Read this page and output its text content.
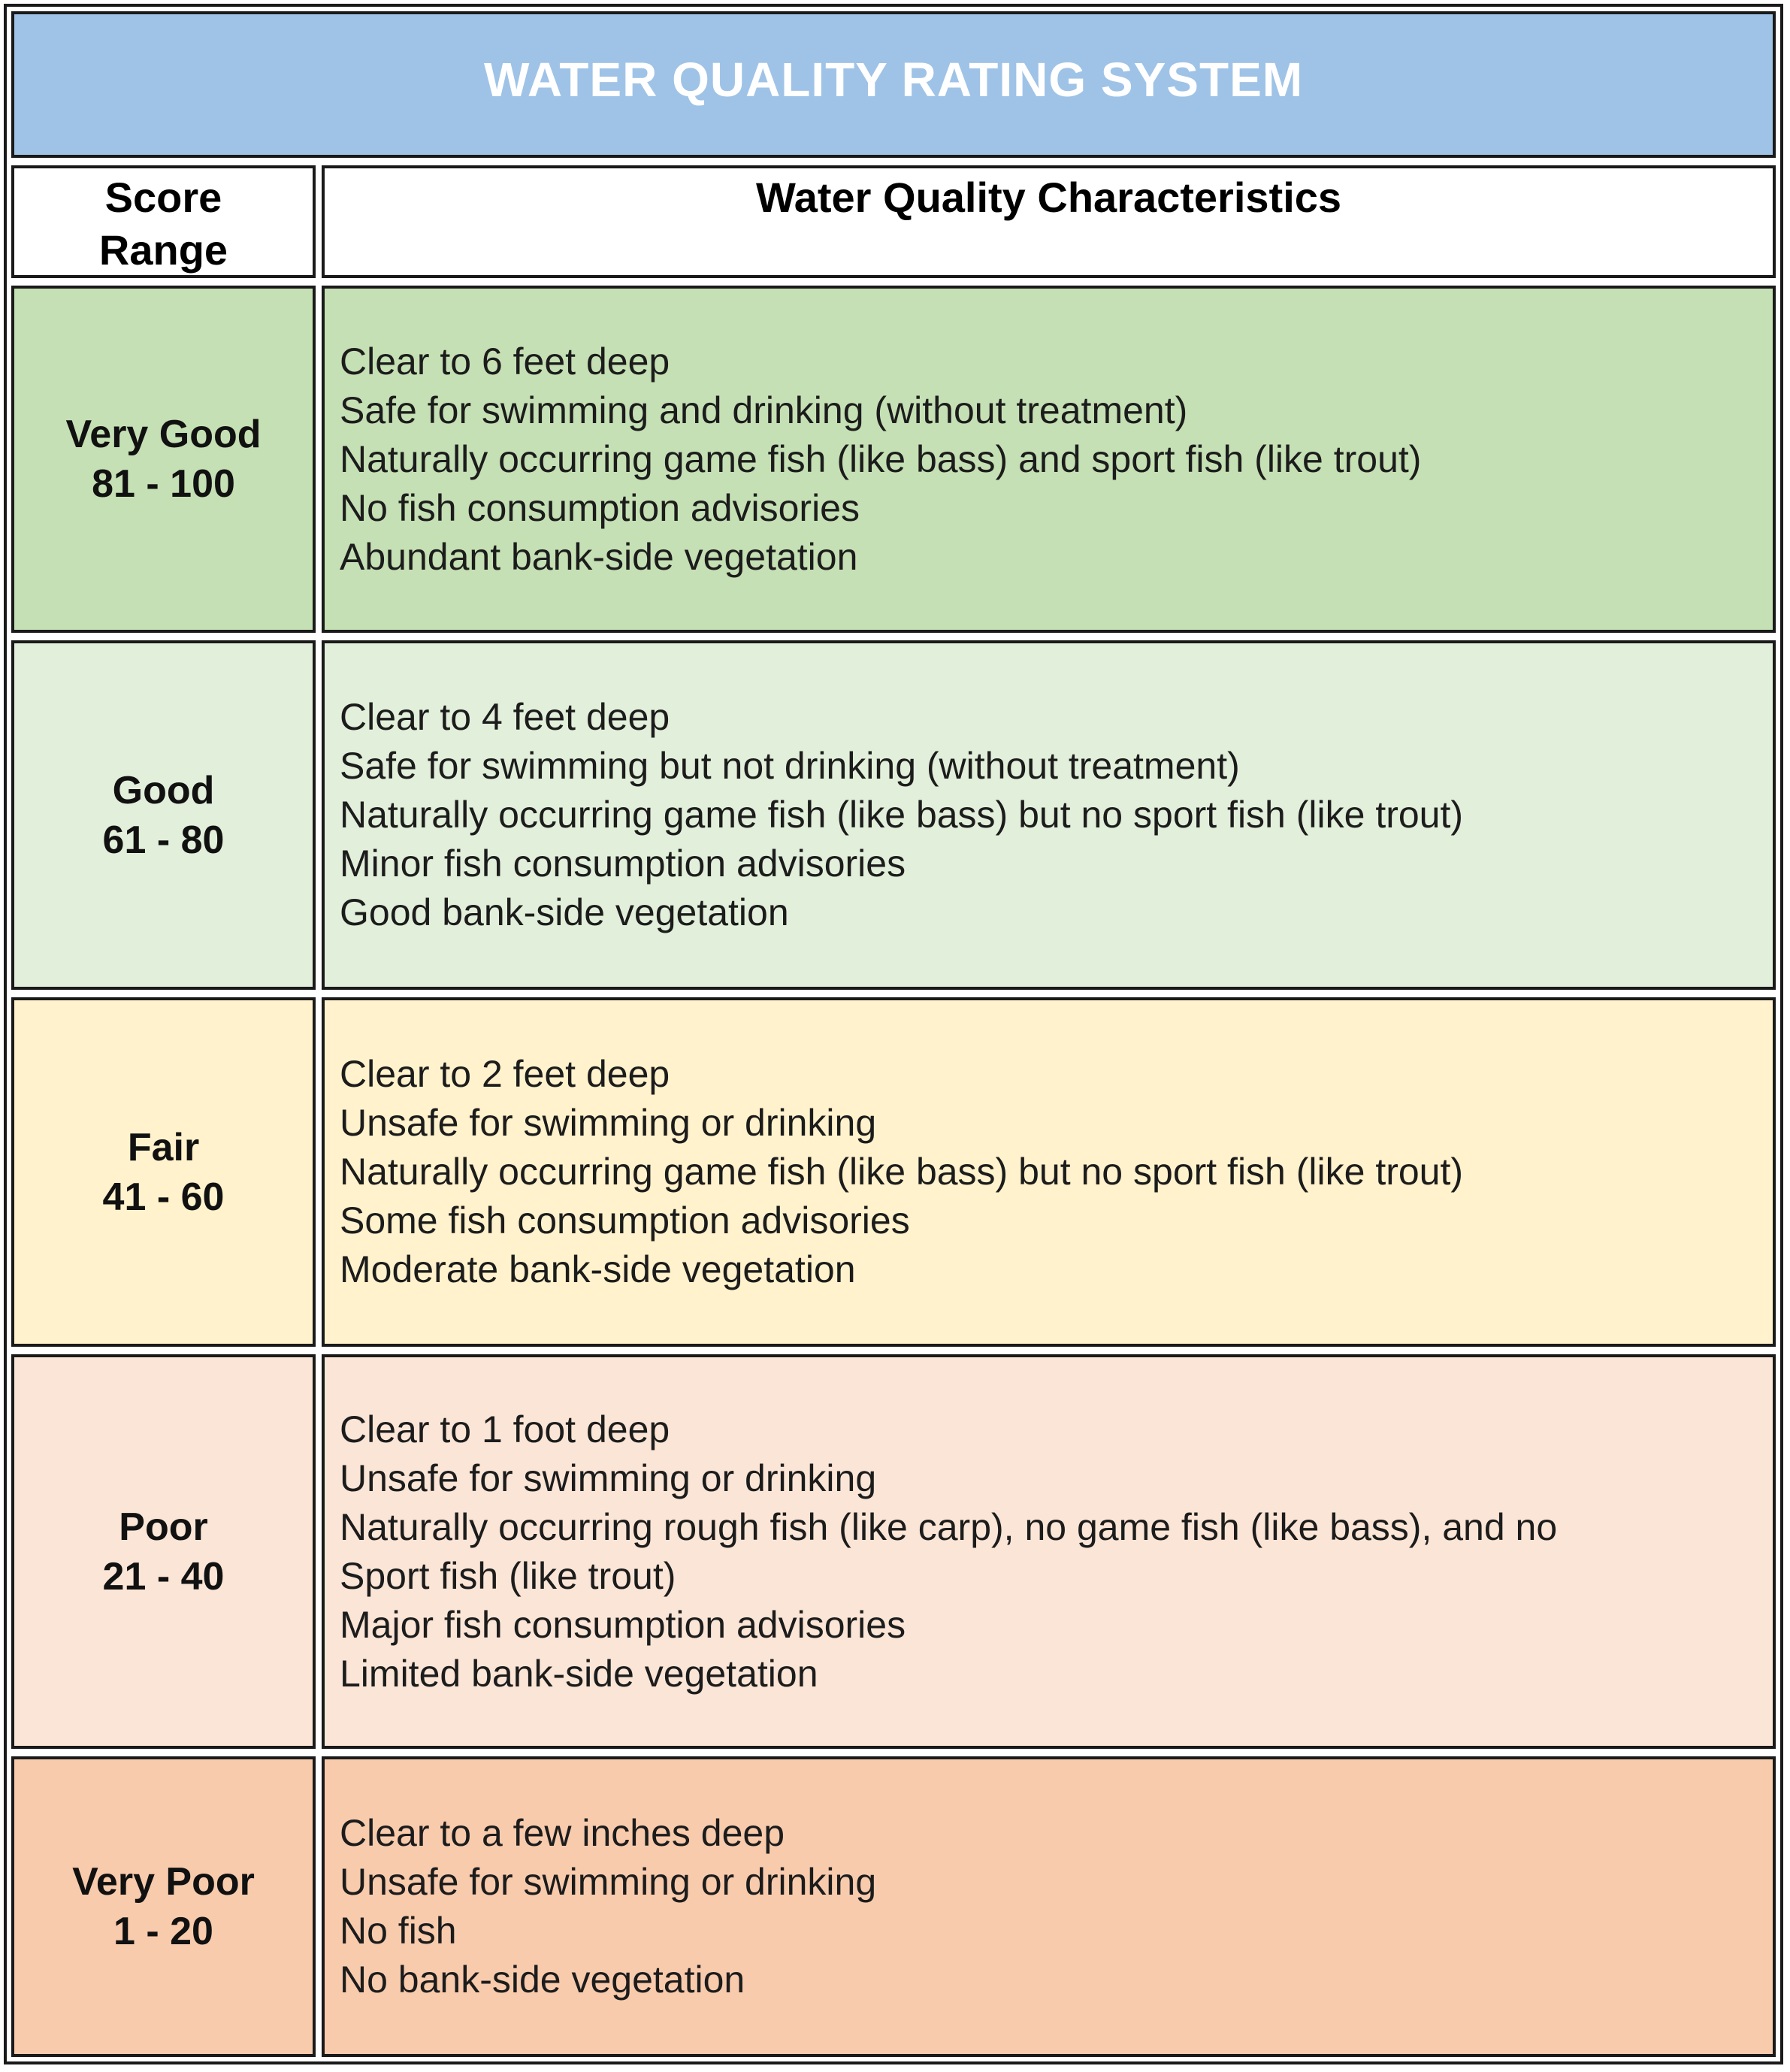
WATER QUALITY RATING SYSTEM
Score
Range
Water Quality Characteristics
Very Good
81 - 100
Clear to 6 feet deep
Safe for swimming and drinking (without treatment)
Naturally occurring game fish (like bass) and sport fish (like trout)
No fish consumption advisories
Abundant bank-side vegetation
Good
61 - 80
Clear to 4 feet deep
Safe for swimming but not drinking (without treatment)
Naturally occurring game fish (like bass) but no sport fish (like trout)
Minor fish consumption advisories
Good bank-side vegetation
Fair
41 - 60
Clear to 2 feet deep
Unsafe for swimming or drinking
Naturally occurring game fish (like bass) but no sport fish (like trout)
Some fish consumption advisories
Moderate bank-side vegetation
Poor
21 - 40
Clear to 1 foot deep
Unsafe for swimming or drinking
Naturally occurring rough fish (like carp), no game fish (like bass), and no
Sport fish (like trout)
Major fish consumption advisories
Limited bank-side vegetation
Very Poor
1 - 20
Clear to a few inches deep
Unsafe for swimming or drinking
No fish
No bank-side vegetation
